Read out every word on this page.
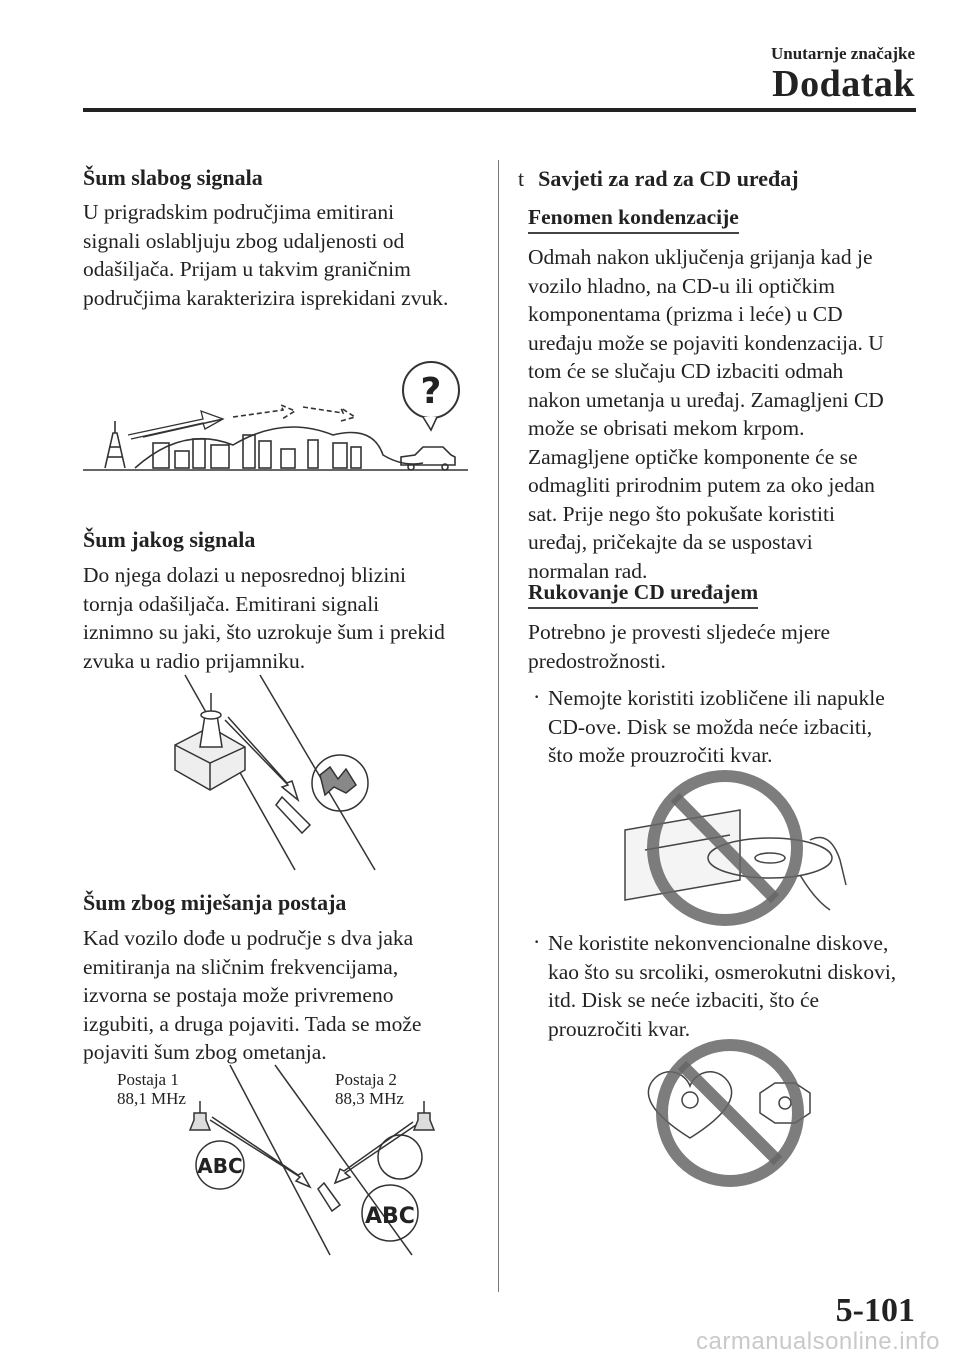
Unutarnje značajke
Dodatak
Šum slabog signala

U prigradskim područjima emitirani

signali oslabljuju zbog udaljenosti od

odašiljača. Prijam u takvim graničnim

područjima karakterizira isprekidani zvuk.

?
Šum jakog signala

Do njega dolazi u neposrednoj blizini

tornja odašiljača. Emitirani signali

iznimno su jaki, što uzrokuje šum i prekid

zvuka u radio prijamniku.

Šum zbog miješanja postaja

Kad vozilo dođe u područje s dva jaka

emitiranja na sličnim frekvencijama,

izvorna se postaja može privremeno

izgubiti, a druga pojaviti. Tada se može

pojaviti šum zbog ometanja.

Postaja 1
88,1 MHz
Postaja 2
88,3 MHz
ABC
ABC
t Savjeti za rad za CD uređaj
Fenomen kondenzacije

Odmah nakon uključenja grijanja kad je

vozilo hladno, na CD-u ili optičkim

komponentama (prizma i leće) u CD

uređaju može se pojaviti kondenzacija. U

tom će se slučaju CD izbaciti odmah

nakon umetanja u uređaj. Zamagljeni CD

može se obrisati mekom krpom.

Zamagljene optičke komponente će se

odmagliti prirodnim putem za oko jedan

sat. Prije nego što pokušate koristiti

uređaj, pričekajte da se uspostavi

normalan rad.

Rukovanje CD uređajem

Potrebno je provesti sljedeće mjere

predostrožnosti.

· Nemojte koristiti izobličene ili napukle

CD-ove. Disk se možda neće izbaciti,

što može prouzročiti kvar.

· Ne koristite nekonvencionalne diskove,

kao što su srcoliki, osmerokutni diskovi,

itd. Disk se neće izbaciti, što će

prouzročiti kvar.

5-101
carmanualsonline.info
